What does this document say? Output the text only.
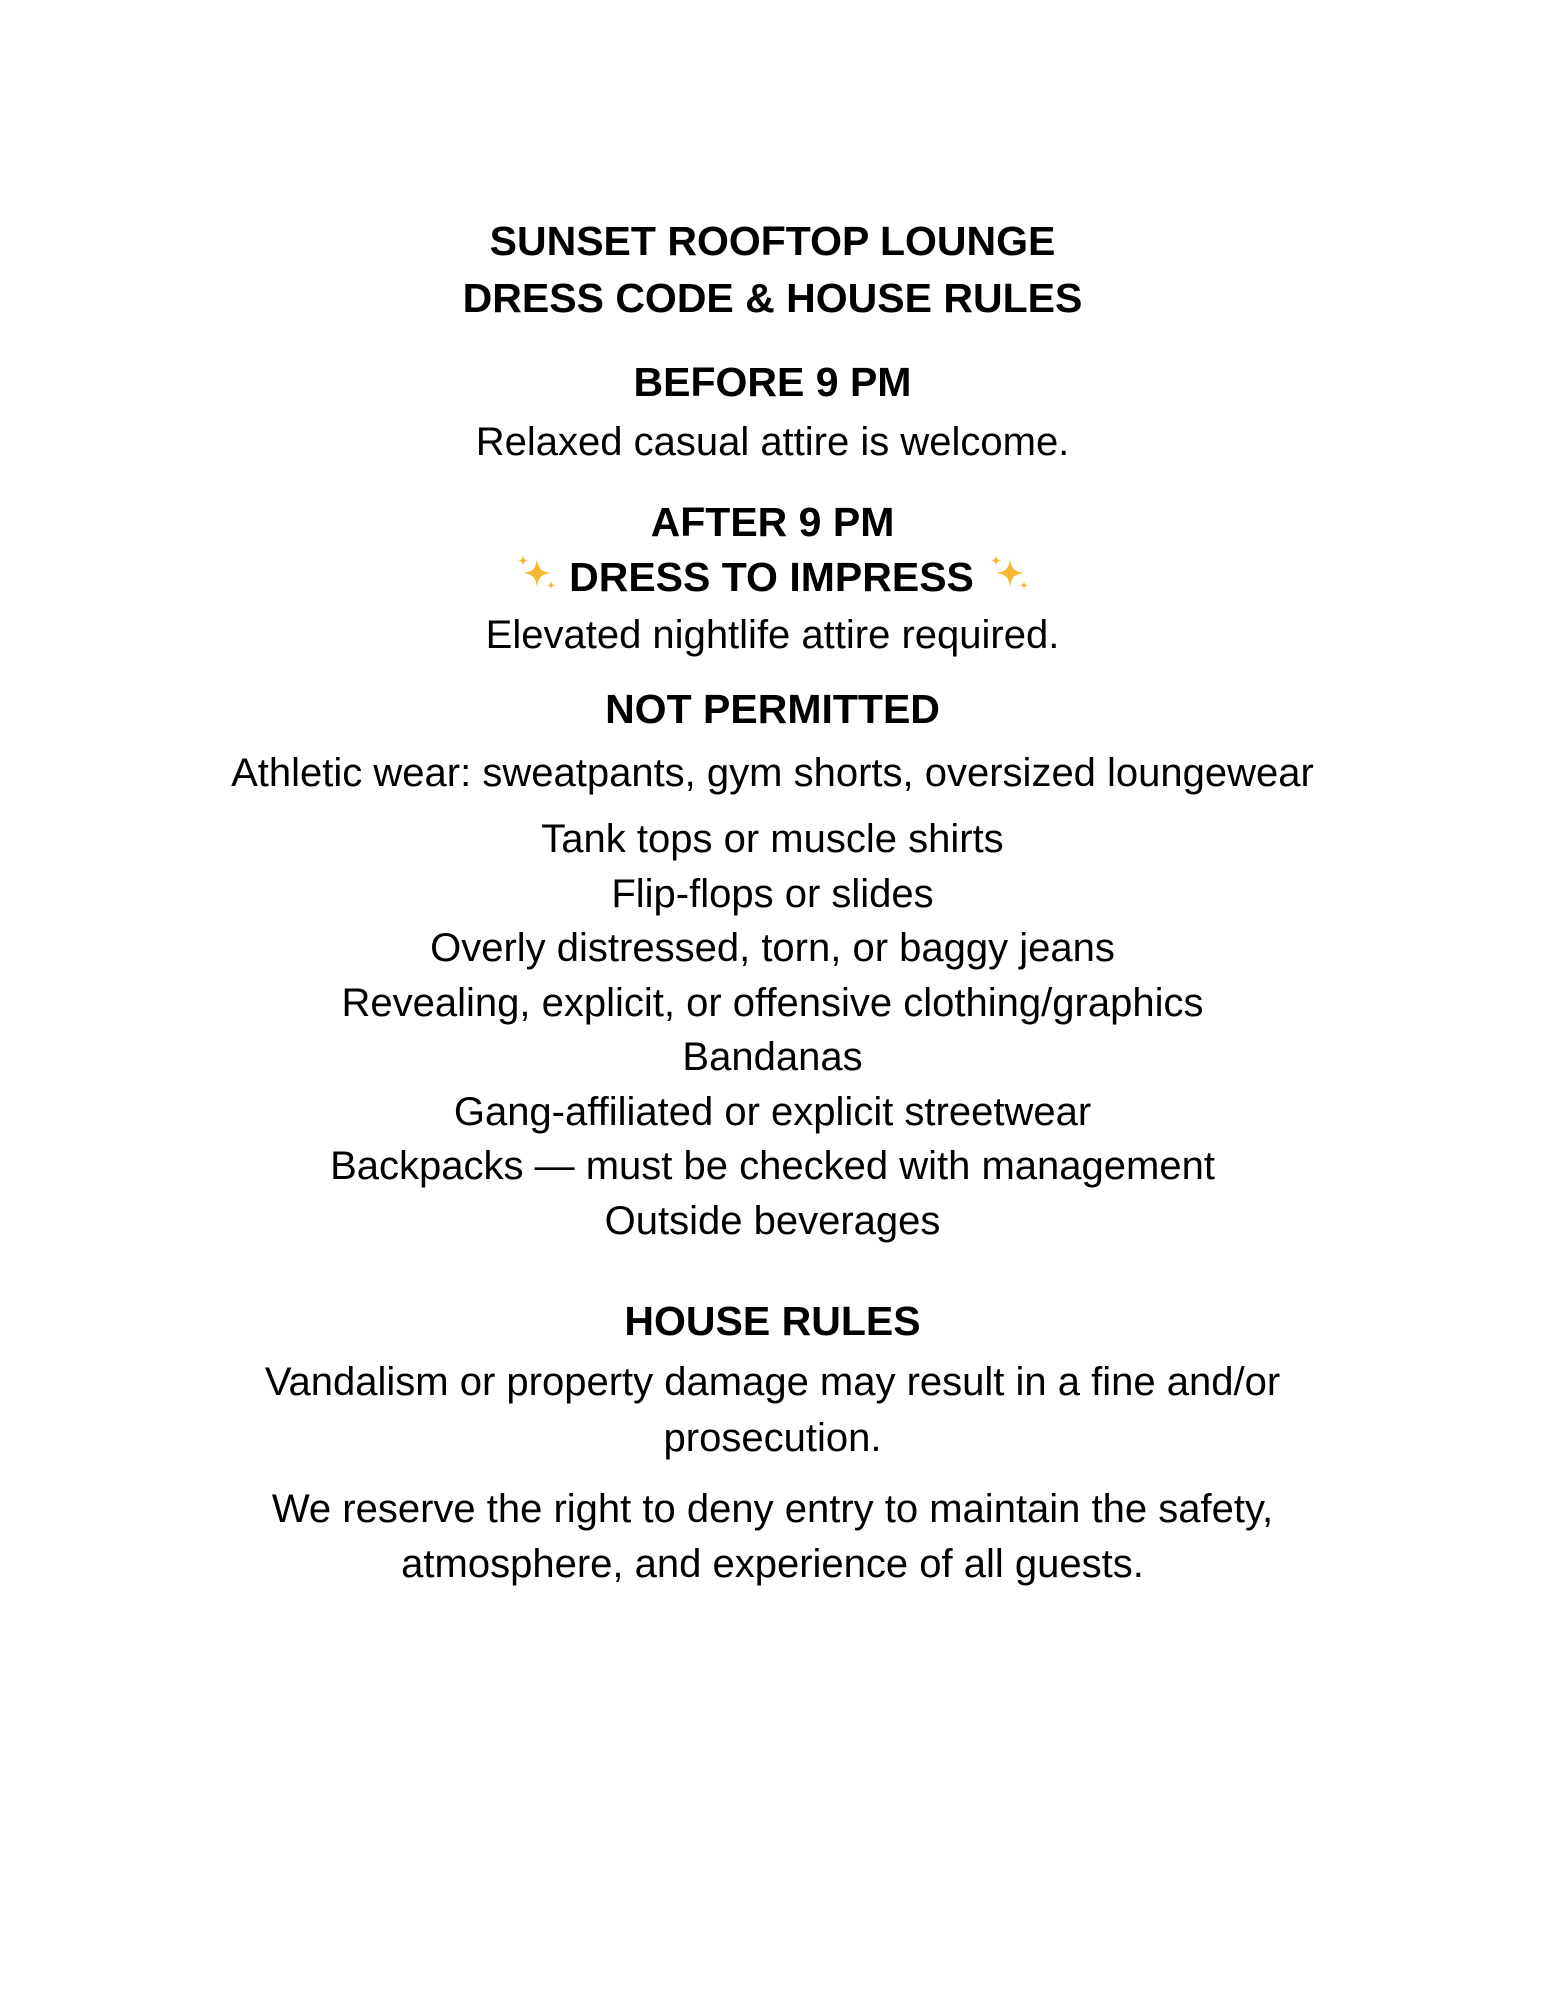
SUNSET ROOFTOP LOUNGE
DRESS CODE & HOUSE RULES
BEFORE 9 PM
Relaxed casual attire is welcome.
AFTER 9 PM
DRESS TO IMPRESS
Elevated nightlife attire required.
NOT PERMITTED
Athletic wear: sweatpants, gym shorts, oversized loungewear
Tank tops or muscle shirts
Flip-flops or slides
Overly distressed, torn, or baggy jeans
Revealing, explicit, or offensive clothing/graphics
Bandanas
Gang-affiliated or explicit streetwear
Backpacks — must be checked with management
Outside beverages
HOUSE RULES
Vandalism or property damage may result in a fine and/or
prosecution.
We reserve the right to deny entry to maintain the safety,
atmosphere, and experience of all guests.
